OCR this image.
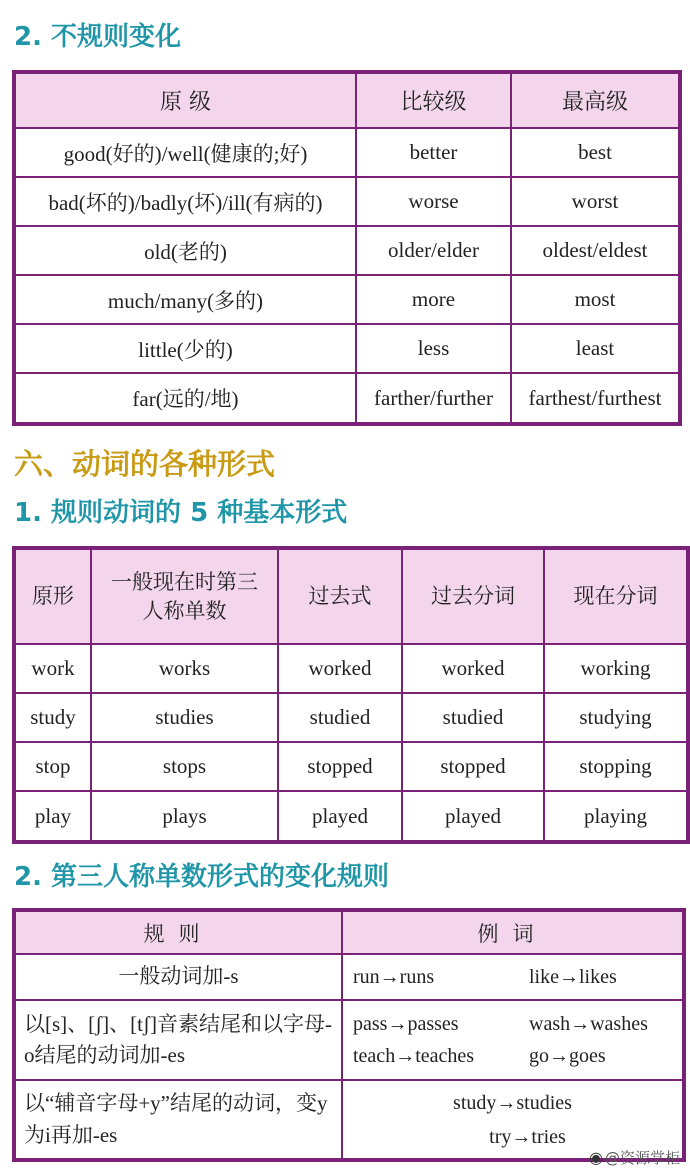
2. 不规则变化
原 级	比较级	最高级
good(好的)/well(健康的;好)	better	best
bad(坏的)/badly(坏)/ill(有病的)	worse	worst
old(老的)	older/elder	oldest/eldest
much/many(多的)	more	most
little(少的)	less	least
far(远的/地)	farther/further	farthest/furthest
六、动词的各种形式
1. 规则动词的 5 种基本形式
原形	一般现在时第三人称单数	过去式	过去分词	现在分词
work	works	worked	worked	working
study	studies	studied	studied	studying
stop	stops	stopped	stopped	stopping
play	plays	played	played	playing
2. 第三人称单数形式的变化规则
规则	例词
一般动词加-s	run→runs like→likes

以[s]、[ʃ]、[tʃ]音素结尾和以字母-o结尾的动词加-es	pass→passes wash→washes
teach→teaches go→goes

以“辅音字母+y”结尾的动词，变y为i再加-es	study→studies
try→tries
◉ @资源掌柜
